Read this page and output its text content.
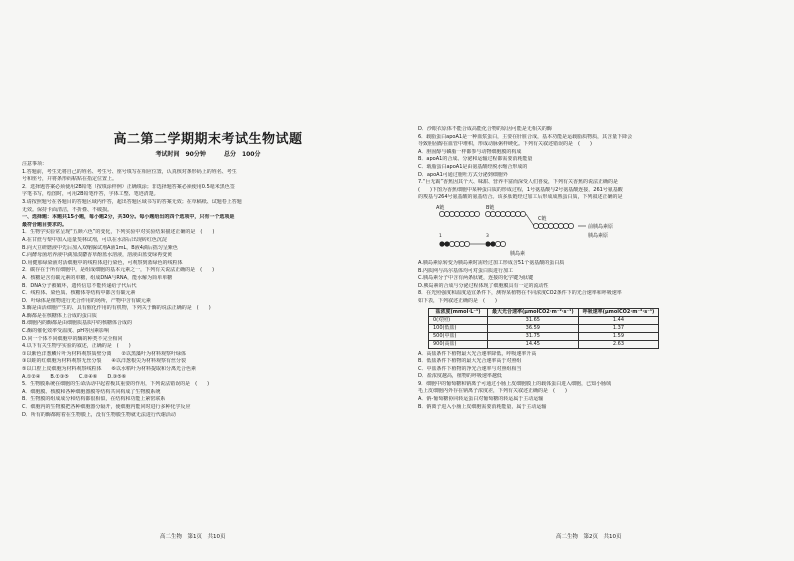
高二第二学期期末考试生物试题
考试时间　90分钟	总分　100分
注意事项：
1.答题前，考生先将自己的姓名、考生号、座号填写在相应位置，认真核对条形码上的姓名、考生
号和座号，并将条形码粘贴在指定位置上。
2．选择题答案必须使用2B铅笔（按填涂样例）正确填涂；非选择题答案必须使用0.5毫米黑色签
字笔书写，绘图时，可用2B铅笔作答，字体工整、笔迹清楚。
3.请按照题号在各题目的答题区域内作答，超出答题区域书写的答案无效；在草稿纸、试题卷上答题
无效。保持卡面清洁，不折叠、不破损。
一、选择题：本题共15小题，每小题2分，共30分。每小题给出的四个选项中，只有一个选项是
最符合题目要求的。
1．生物学实验常呈现“五颜六色”的变化，下列实验中对实验结果描述正确的是　(　　)
A.在甘蔗与梨中加入适量斐林试剂，可以在水浴后出现砖红色沉淀
B.向大豆研磨液中先后加入双缩脲试剂A液1mL，B液4滴后摇匀呈紫色
C.向酵母菌培养液中滴加溴麝香草酚蓝水溶液，溶液由蓝变绿再变黄
D.用健那绿染液对活细胞中的线粒体进行染色，可观察到蓝绿色的线粒体
2．碳存在于所有细胞中，是组成细胞的基本元素之一，下列有关说法正确的是　(　　)
A．核糖是含有碳元素的单糖，组成DNA与RNA，能水解为简单单糖
B．DNA分子被破坏，遗传信息不能传递给子代后代
C．线粒体、染色质、核糖体等结构中都含有碳元素
D．叶绿体是植物进行光合作用的场所，产物中含有碳元素
3.酶是由活细胞产生的、具有催化作用的有机物，下列关于酶的说法正确的是　(　　)
A.酶都是在核糖体上合成的蛋白质
B.细胞内的酶都是由细胞质基质中的核糖体合成的
C.酶的催化效率受温度、pH等因素影响
D.同一个体不同细胞中的酶的种类不完全相同
4.以下有关生物学实验的叙述，正确的是　(　　)
①以紫色洋葱鳞片叶为材料观察质壁分离　　②以黑藻叶为材料观察叶绿体
③以蛙的红细胞为材料观察无丝分裂　　④以洋葱根尖为材料观察有丝分裂
⑤以口腔上皮细胞为材料观察线粒体　　⑥以水稻叶为材料提取和分离光合色素
A.①②④　　B.①③⑤　　C.②④⑥　　D.③⑤⑥
5．生物膜系统在细胞的生命活动中起着极其重要的作用，下列说法错误的是　(　　)
A．细胞膜、核膜和各种细胞器膜等结构共同构成了生物膜系统
B．生物膜的组成成分和结构都很相似，在结构和功能上紧密联系
C．细胞内的生物膜把各种细胞器分隔开，使细胞内能同时进行多种化学反应
D．所有的酶都附着在生物膜上，没有生物膜生物就无法进行代谢活动
D．沙眼衣原体不能合成高能化合物的原因可能是无相关的酶
6．载脂蛋白apoA1是一种血浆蛋白，主要在肝脏合成，基本功能是运载脂质物质，其含量下降会
导致胆固醇在血管中堆积，形成动脉粥样硬化。下列有关叙述错误的是　(　　)
A．胆固醇与磷脂一样都参与动物细胞膜的构成
B．apoA1的合成、分泌和运输过程都需要消耗能量
C．载脂蛋白apoA1是由氨基酸经脱水缩合形成的
D．apoA1可通过胞吐方式分泌到细胞外
7.“巨无霸”香蕉因其个大、味甜、营养丰富而深受人们喜爱，下列有关香蕉的说法正确的是
(　　)下图为香蕉细胞中某种蛋白质的形成过程，1号氨基酸与2号氨基酸连接，261号氨基酸
的羧基与264号氨基酸的氨基结合。该多肽链经过加工后形成成熟蛋白质，下列叙述正确的是
A链	B链
C链
1	3
前胰岛素原
胰岛素原
胰岛素
A.胰岛素原转变为胰岛素时需经过加工形成含51个氨基酸的蛋白质
B.内质网与高尔基体均可对蛋白质进行加工
C.胰岛素分子中含有两条肽链，连接的化学键为肽键
D.胰岛素的合成与分泌过程体现了细胞膜具有一定的流动性
8．在光照强度和温度适宜条件下，测得某植物在不同浓度CO2条件下的光合速率和呼吸速率
如下表，下列叙述正确的是　(　　)
盐浓度(mmol·L⁻¹)	最大光合速率(μmolCO2·m⁻²·s⁻¹)	呼吸速率(μmolCO2·m⁻²·s⁻¹)
0(对照)	31.65	1.44
100(低盐)	36.59	1.37
500(中盐)	31.75	1.59
900(高盐)	14.45	2.63
A．高盐条件下植物最大光合速率降低，呼吸速率升高
B．低盐条件下植物的最大光合速率高于对照组
C．中盐条件下植物的净光合速率与对照组相当
D．盐浓度越高，植物的呼吸速率越低
9．细胞中的葡萄糖和钠离子可通过小肠上皮细胞膜上的载体蛋白进入细胞，已知小肠绒
毛上皮细胞内外存在钠离子浓度差，下列有关叙述正确的是　(　　)
A．钠-葡萄糖协同转运蛋白对葡萄糖的转运属于主动运输
B．钠离子进入小肠上皮细胞需要消耗能量，属于主动运输
高二生物　第1页　共10页	高二生物　第2页　共10页
